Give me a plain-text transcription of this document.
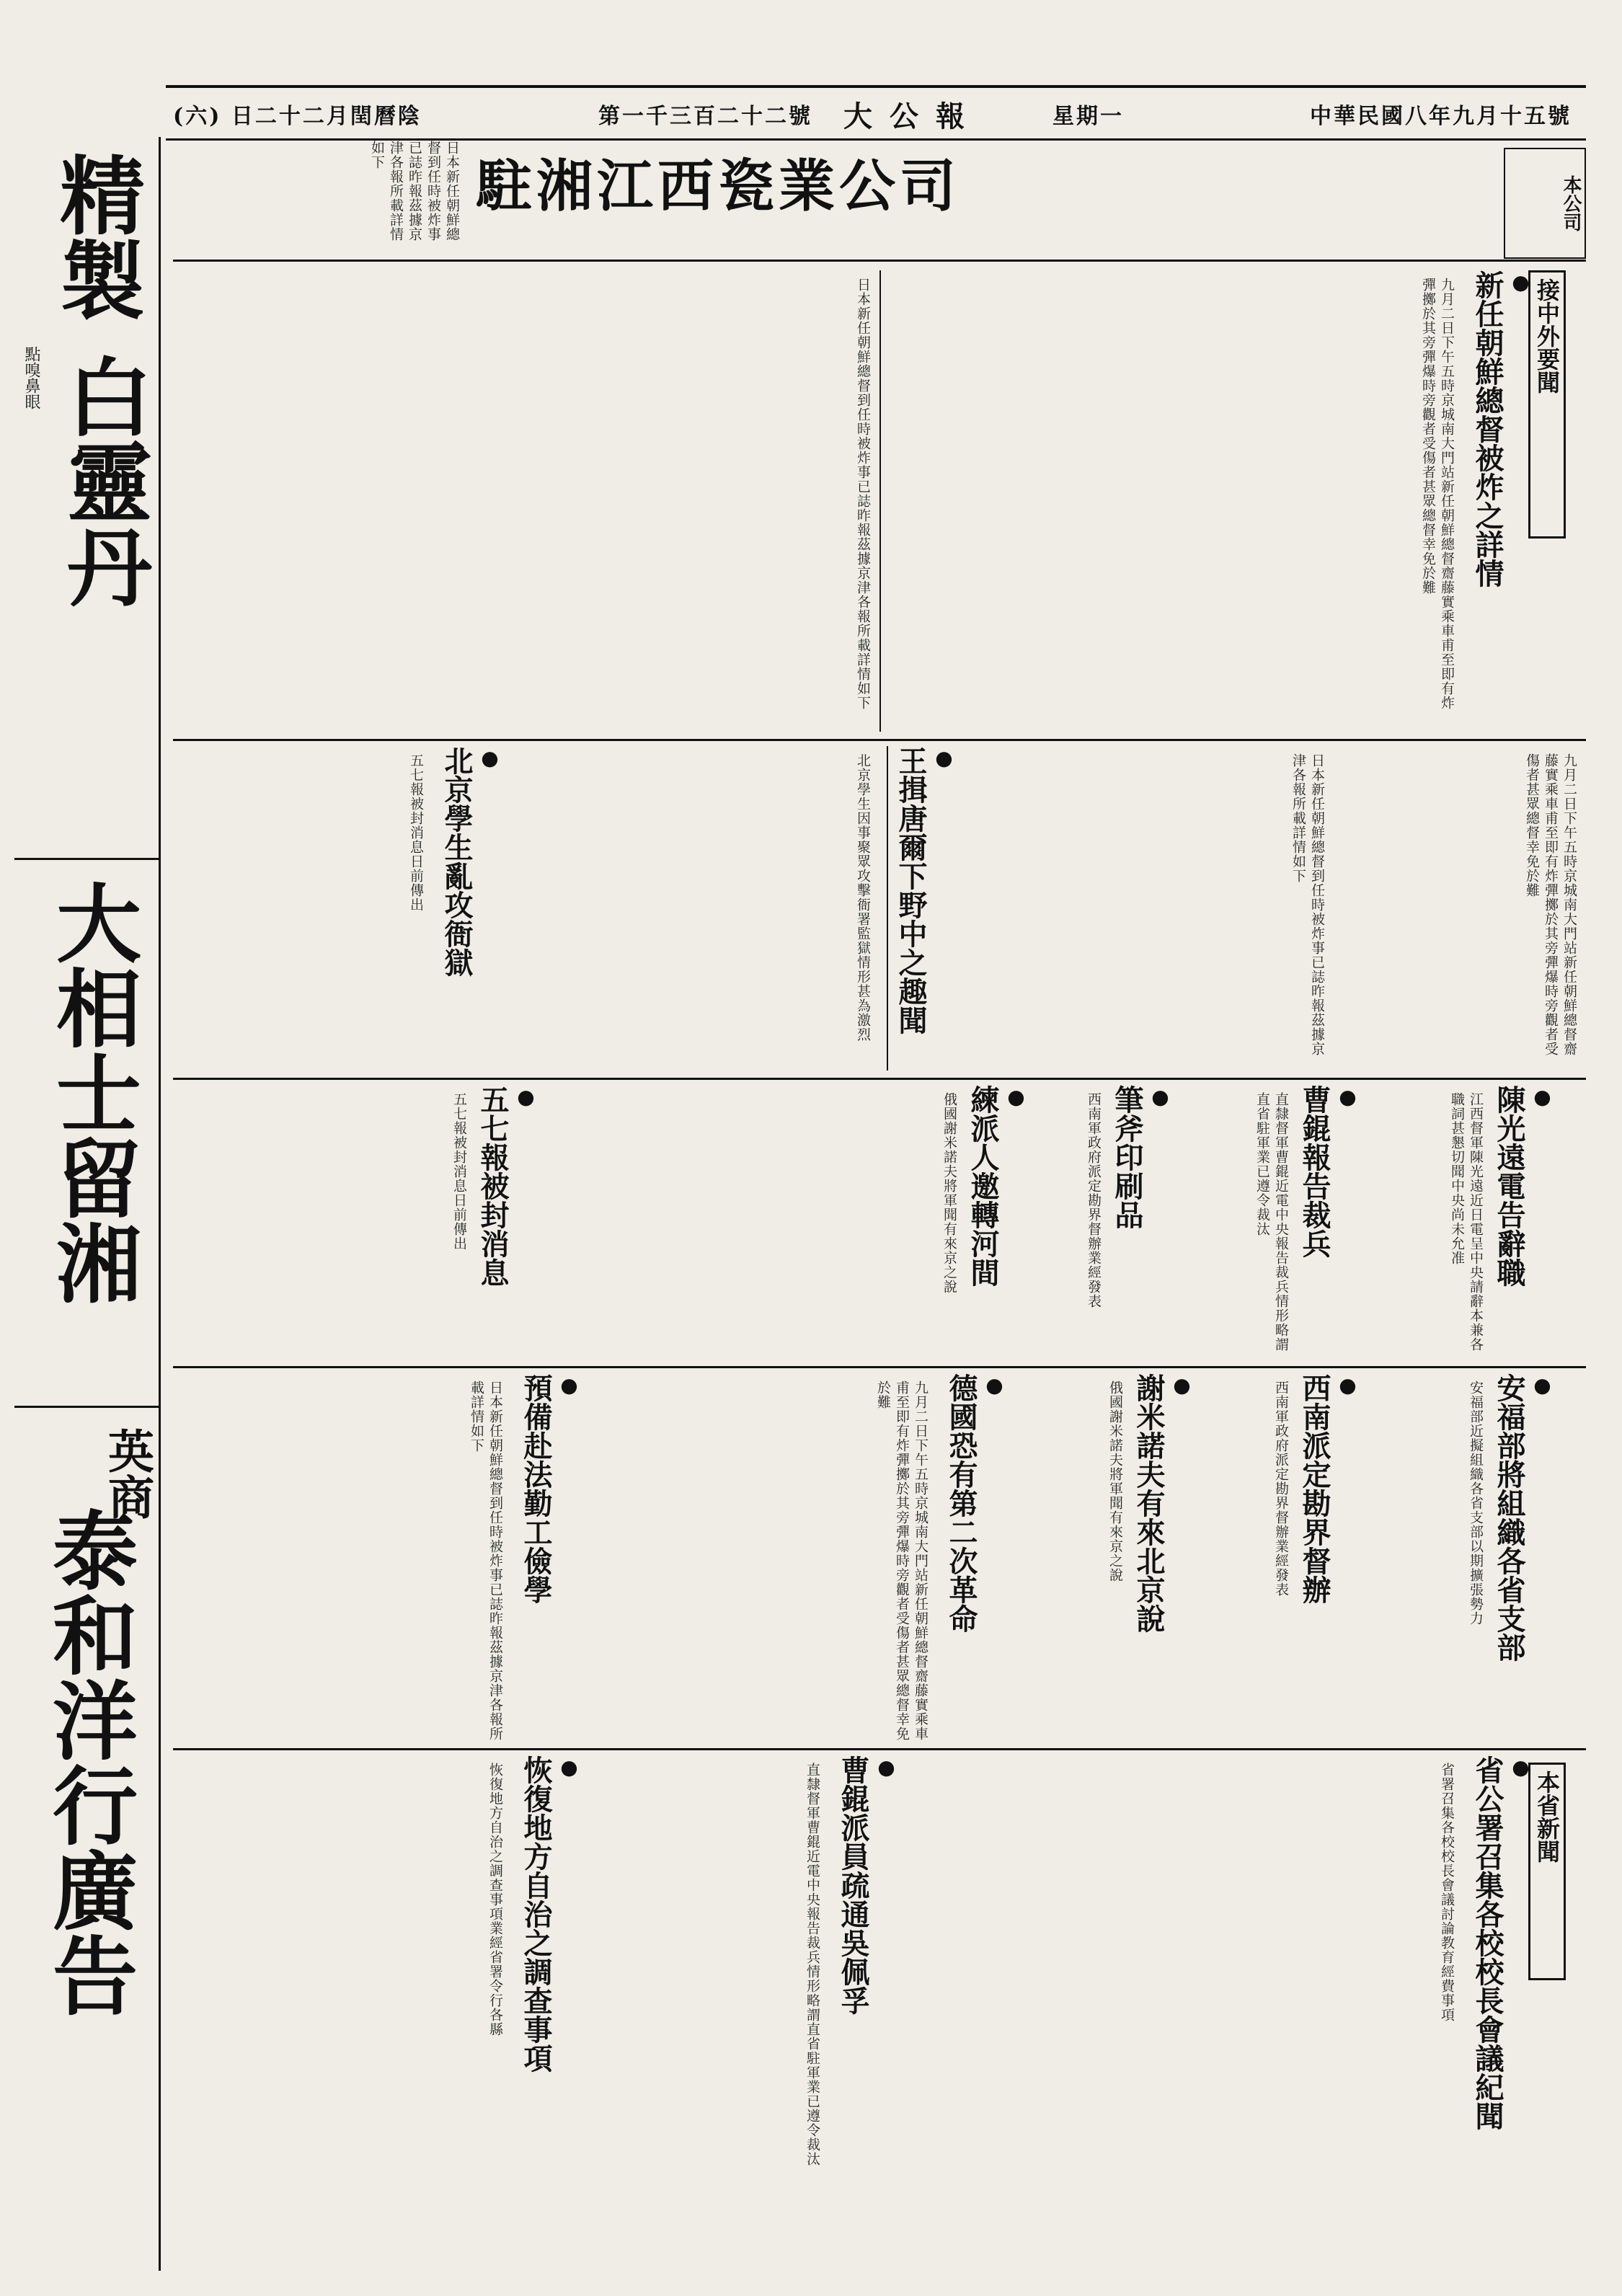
中華民國八年九月十五號
星期一
大公報
第一千三百二十二號
(六) 日二十二月閏曆陰
精製
點嗅鼻眼 白靈丹
大相士留湘
英商
泰和洋行廣告
駐湘江西瓷業公司	本公司
日本新任朝鮮總督到任時被炸事已誌昨報茲據京津各報所載詳情如下
接中外要聞
● 新任朝鮮總督被炸之詳情
九月二日下午五時京城南大門站新任朝鮮總督齋藤實乘車甫至即有炸彈擲於其旁彈爆時旁觀者受傷者甚眾總督幸免於難
日本新任朝鮮總督到任時被炸事已誌昨報茲據京津各報所載詳情如下
九月二日下午五時京城南大門站新任朝鮮總督齋藤實乘車甫至即有炸彈擲於其旁彈爆時旁觀者受傷者甚眾總督幸免於難
● 王揖唐爾下野中之趣聞	日本新任朝鮮總督到任時被炸事已誌昨報茲據京津各報所載詳情如下
● 北京學生亂攻衙獄	北京學生因事聚眾攻擊衙署監獄情形甚為激烈
五七報被封消息日前傳出
● 陳光遠電告辭職
江西督軍陳光遠近日電呈中央請辭本兼各職詞甚懇切聞中央尚未允准
● 曹錕報告裁兵
直隸督軍曹錕近電中央報告裁兵情形略謂直省駐軍業已遵令裁汰
● 筆斧印刷品
● 練派人邀轉河間	西南軍政府派定勘界督辦業經發表
● 五七報被封消息	俄國謝米諾夫將軍聞有來京之說
五七報被封消息日前傳出
● 安福部將組織各省支部
安福部近擬組織各省支部以期擴張勢力
● 西南派定勘界督辦
西南軍政府派定勘界督辦業經發表
● 謝米諾夫有來北京說
● 德國恐有第二次革命	俄國謝米諾夫將軍聞有來京之說
● 預備赴法勤工儉學	九月二日下午五時京城南大門站新任朝鮮總督齋藤實乘車甫至即有炸彈擲於其旁彈爆時旁觀者受傷者甚眾總督幸免於難
日本新任朝鮮總督到任時被炸事已誌昨報茲據京津各報所載詳情如下
本省新聞
● 省公署召集各校校長會議紀聞
省署召集各校校長會議討論教育經費事項
● 曹錕派員疏通吳佩孚
直隸督軍曹錕近電中央報告裁兵情形略謂直省駐軍業已遵令裁汰
● 恢復地方自治之調查事項
恢復地方自治之調查事項業經省署令行各縣
